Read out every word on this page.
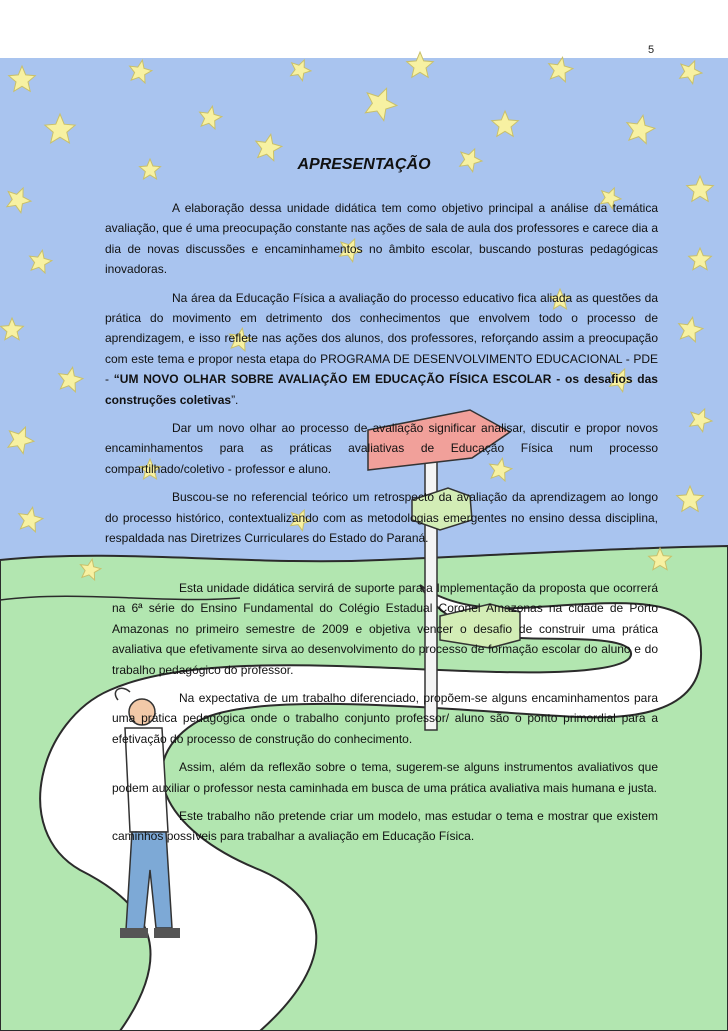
5
APRESENTAÇÃO

A elaboração dessa unidade didática tem como objetivo principal a análise da temática avaliação, que é uma preocupação constante nas ações de sala de aula dos professores e carece dia a dia de novas discussões e encaminhamentos no âmbito escolar, buscando posturas pedagógicas inovadoras.

Na área da Educação Física a avaliação do processo educativo fica aliada as questões da prática do movimento em detrimento dos conhecimentos que envolvem todo o processo de aprendizagem, e isso reflete nas ações dos alunos, dos professores, reforçando assim a preocupação com este tema e propor nesta etapa do PROGRAMA DE DESENVOLVIMENTO EDUCACIONAL - PDE - “UM NOVO OLHAR SOBRE AVALIAÇÃO EM EDUCAÇÃO FÍSICA ESCOLAR - os desafios das construções coletivas”.

Dar um novo olhar ao processo de avaliação significar analisar, discutir e propor novos encaminhamentos para as práticas avaliativas de Educação Física num processo compartilhado/coletivo - professor e aluno.

Buscou-se no referencial teórico um retrospecto da avaliação da aprendizagem ao longo do processo histórico, contextualizando com as metodologias emergentes no ensino dessa disciplina, respaldada nas Diretrizes Curriculares do Estado do Paraná.

Esta unidade didática servirá de suporte para a Implementação da proposta que ocorrerá na 6ª série do Ensino Fundamental do Colégio Estadual Coronel Amazonas na cidade de Porto Amazonas no primeiro semestre de 2009 e objetiva vencer o desafio de construir uma prática avaliativa que efetivamente sirva ao desenvolvimento do processo de formação escolar do aluno e do trabalho pedagógico do professor.

Na expectativa de um trabalho diferenciado, propõem-se alguns encaminhamentos para uma prática pedagógica onde o trabalho conjunto professor/ aluno são o ponto primordial para a efetivação do processo de construção do conhecimento.

Assim, além da reflexão sobre o tema, sugerem-se alguns instrumentos avaliativos que podem auxiliar o professor nesta caminhada em busca de uma prática avaliativa mais humana e justa.

Este trabalho não pretende criar um modelo, mas estudar o tema e mostrar que existem caminhos possíveis para trabalhar a avaliação em Educação Física.
